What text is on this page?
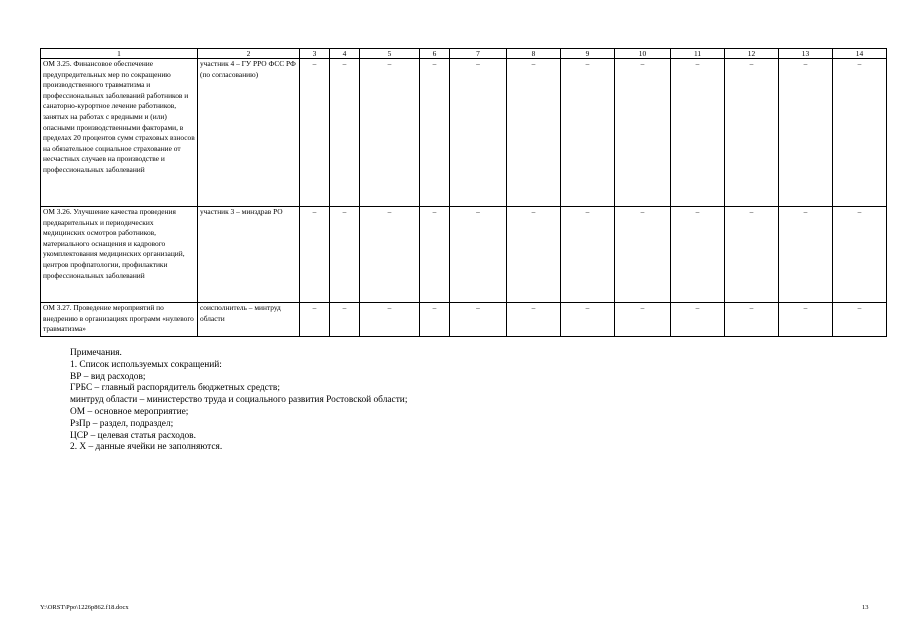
1	2	3	4	5	6	7	8	9	10	11	12	13	14
ОМ 3.25. Финансовое обеспечение предупредительных мер по сокращению производственного травматизма и профессиональных заболеваний работников и санаторно-курортное лечение работников, занятых на работах с вредными и (или) опасными производственными факторами, в пределах 20 процентов сумм страховых взносов на обязательное социальное страхование от несчастных случаев на производстве и профессиональных заболеваний	участник 4 – ГУ РРО ФСС РФ (по согласованию)	–	–	–	–	–	–	–	–	–	–	–	–
ОМ 3.26. Улучшение качества проведения предварительных и периодических медицинских осмотров работников, материального оснащения и кадрового укомплектования медицинских организаций, центров профпатологии, профилактики профессиональных заболеваний	участник 3 – минздрав РО	–	–	–	–	–	–	–	–	–	–	–	–
ОМ 3.27. Проведение мероприятий по внедрению в организациях программ «нулевого травматизма»	соисполнитель – минтруд области	–	–	–	–	–	–	–	–	–	–	–	–
Примечания.
1. Список используемых сокращений:
ВР – вид расходов;
ГРБС – главный распорядитель бюджетных средств;
минтруд области – министерство труда и социального развития Ростовской области;
ОМ – основное мероприятие;
РзПр – раздел, подраздел;
ЦСР – целевая статья расходов.
2. Х – данные ячейки не заполняются.
Y:\ORST\Ppo\1226p862.f18.docx	13
